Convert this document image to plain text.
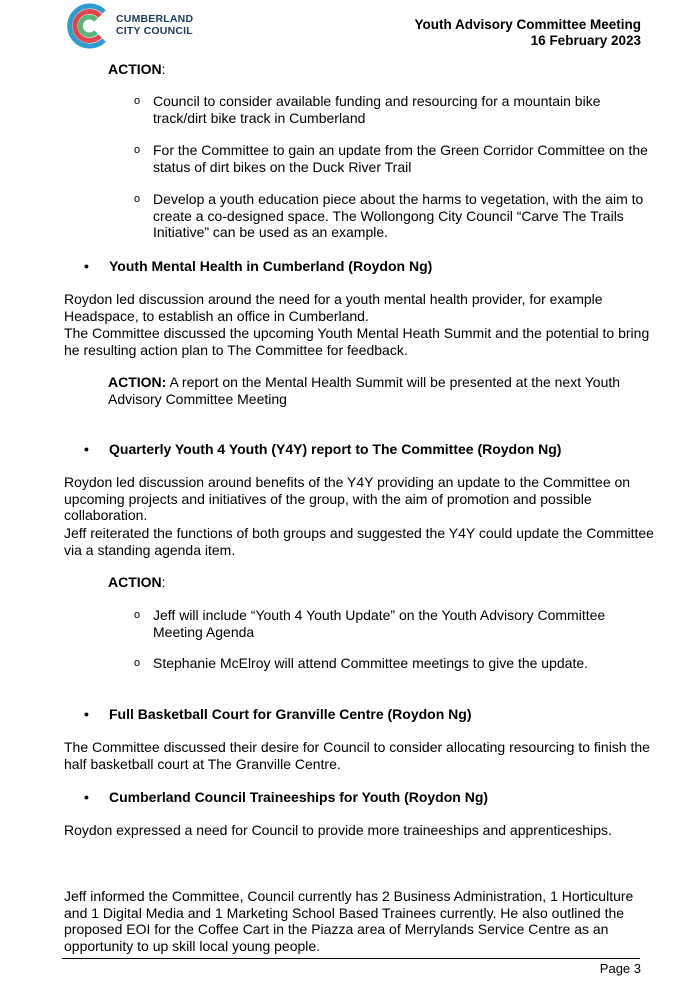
CUMBERLAND
CITY COUNCIL	Youth Advisory Committee Meeting
16 February 2023
ACTION:
o Council to consider available funding and resourcing for a mountain bike track/dirt bike track in Cumberland
o For the Committee to gain an update from the Green Corridor Committee on the status of dirt bikes on the Duck River Trail
o Develop a youth education piece about the harms to vegetation, with the aim to create a co-designed space. The Wollongong City Council “Carve The Trails Initiative” can be used as an example.
• Youth Mental Health in Cumberland (Roydon Ng)
Roydon led discussion around the need for a youth mental health provider, for example Headspace, to establish an office in Cumberland.
The Committee discussed the upcoming Youth Mental Heath Summit and the potential to bring he resulting action plan to The Committee for feedback.
ACTION: A report on the Mental Health Summit will be presented at the next Youth Advisory Committee Meeting
• Quarterly Youth 4 Youth (Y4Y) report to The Committee (Roydon Ng)
Roydon led discussion around benefits of the Y4Y providing an update to the Committee on upcoming projects and initiatives of the group, with the aim of promotion and possible collaboration.
Jeff reiterated the functions of both groups and suggested the Y4Y could update the Committee via a standing agenda item.
ACTION:
o Jeff will include “Youth 4 Youth Update” on the Youth Advisory Committee Meeting Agenda
o Stephanie McElroy will attend Committee meetings to give the update.
• Full Basketball Court for Granville Centre (Roydon Ng)
The Committee discussed their desire for Council to consider allocating resourcing to finish the half basketball court at The Granville Centre.
• Cumberland Council Traineeships for Youth (Roydon Ng)
Roydon expressed a need for Council to provide more traineeships and apprenticeships.
Jeff informed the Committee, Council currently has 2 Business Administration, 1 Horticulture and 1 Digital Media and 1 Marketing School Based Trainees currently. He also outlined the proposed EOI for the Coffee Cart in the Piazza area of Merrylands Service Centre as an opportunity to up skill local young people.
Page 3
